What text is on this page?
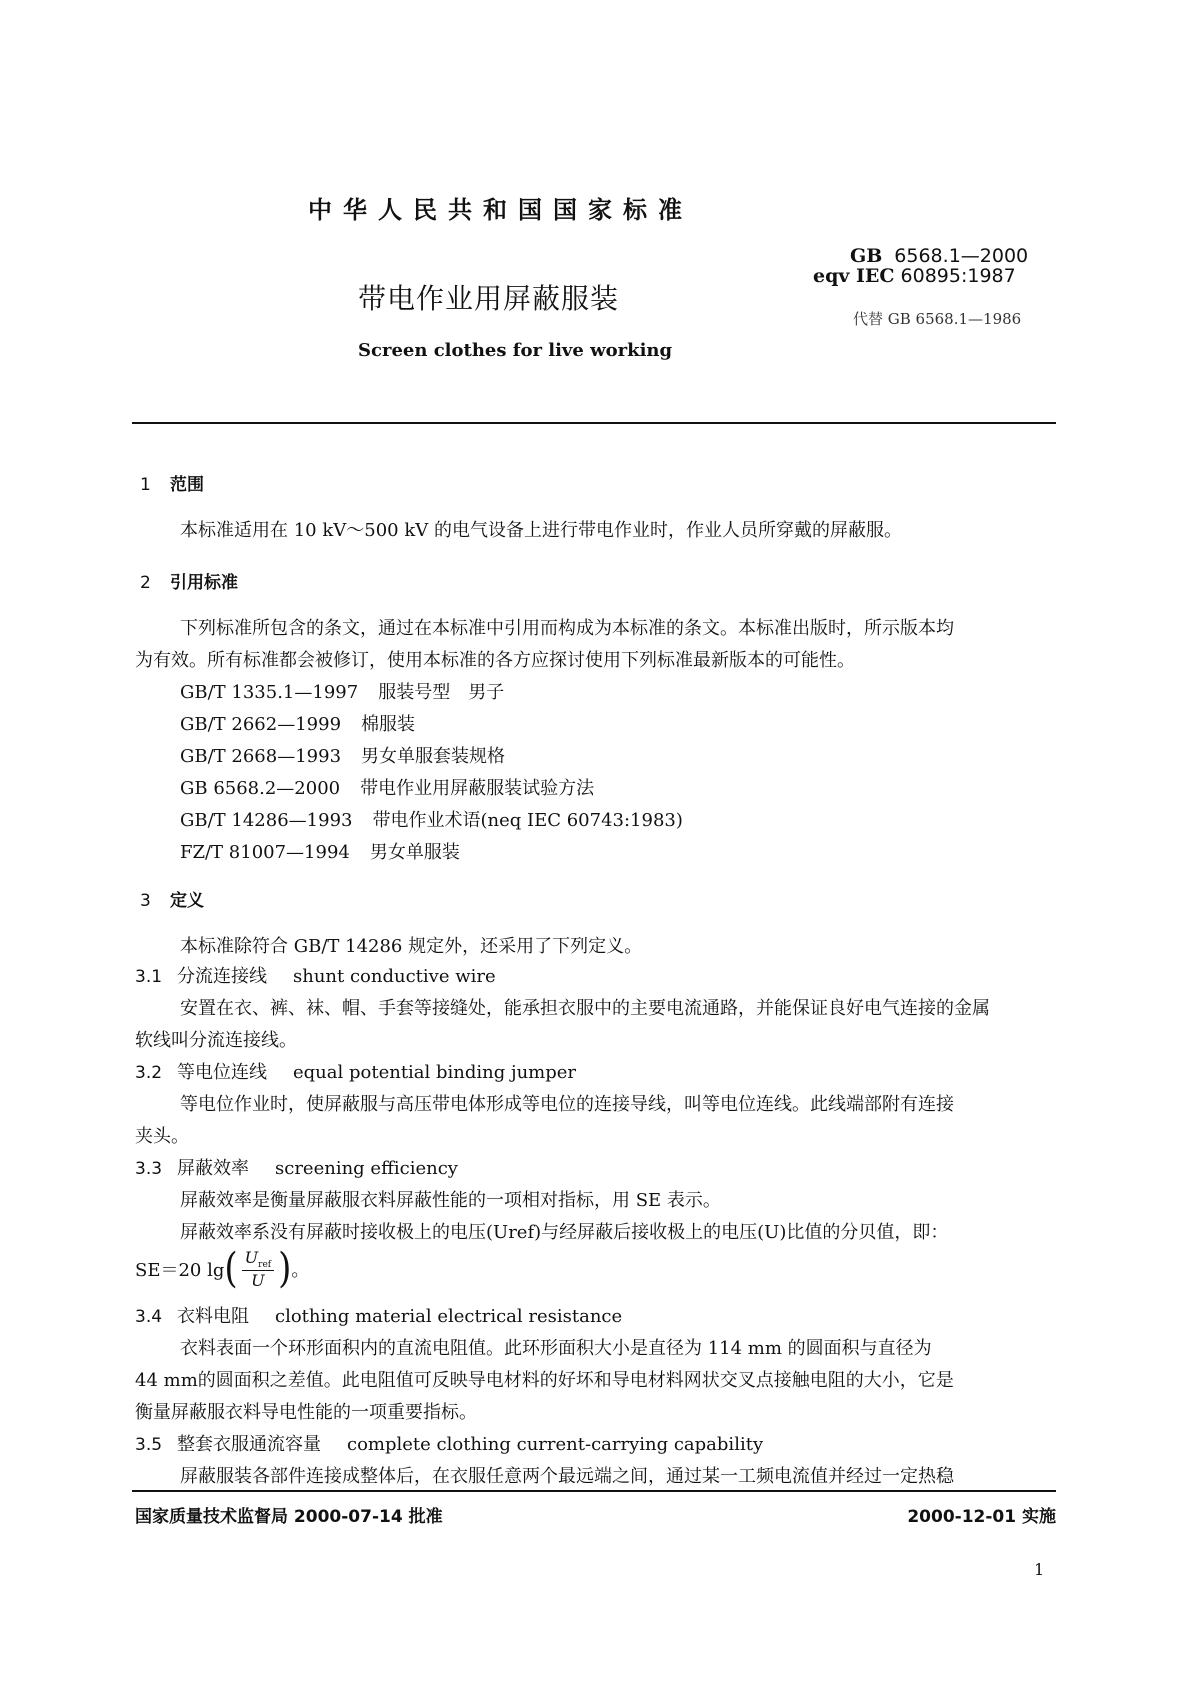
中华人民共和国国家标准
GB 6568.1—2000
eqv IEC 60895:1987
代替 GB 6568.1—1986
带电作业用屏蔽服装
Screen clothes for live working
1 范围
本标准适用在 10 kV～500 kV 的电气设备上进行带电作业时，作业人员所穿戴的屏蔽服。
2 引用标准
下列标准所包含的条文，通过在本标准中引用而构成为本标准的条文。本标准出版时，所示版本均
为有效。所有标准都会被修订，使用本标准的各方应探讨使用下列标准最新版本的可能性。
GB/T 1335.1—1997 服装号型　男子
GB/T 2662—1999 棉服装
GB/T 2668—1993 男女单服套装规格
GB 6568.2—2000 带电作业用屏蔽服装试验方法
GB/T 14286—1993 带电作业术语(neq IEC 60743:1983)
FZ/T 81007—1994 男女单服装
3 定义
本标准除符合 GB/T 14286 规定外，还采用了下列定义。
3.1 分流连接线 shunt conductive wire
安置在衣、裤、袜、帽、手套等接缝处，能承担衣服中的主要电流通路，并能保证良好电气连接的金属
软线叫分流连接线。
3.2 等电位连线 equal potential binding jumper
等电位作业时，使屏蔽服与高压带电体形成等电位的连接导线，叫等电位连线。此线端部附有连接
夹头。
3.3 屏蔽效率 screening efficiency
屏蔽效率是衡量屏蔽服衣料屏蔽性能的一项相对指标，用 SE 表示。
屏蔽效率系没有屏蔽时接收极上的电压(Uref)与经屏蔽后接收极上的电压(U)比值的分贝值，即：
SE＝20 lg ( $\frac{U_{ref}}{U}$ ) 。
3.4 衣料电阻 clothing material electrical resistance
衣料表面一个环形面积内的直流电阻值。此环形面积大小是直径为 114 mm 的圆面积与直径为
44 mm的圆面积之差值。此电阻值可反映导电材料的好坏和导电材料网状交叉点接触电阻的大小，它是
衡量屏蔽服衣料导电性能的一项重要指标。
3.5 整套衣服通流容量 complete clothing current-carrying capability
屏蔽服装各部件连接成整体后，在衣服任意两个最远端之间，通过某一工频电流值并经过一定热稳
国家质量技术监督局 2000-07-14 批准	2000-12-01 实施
1
